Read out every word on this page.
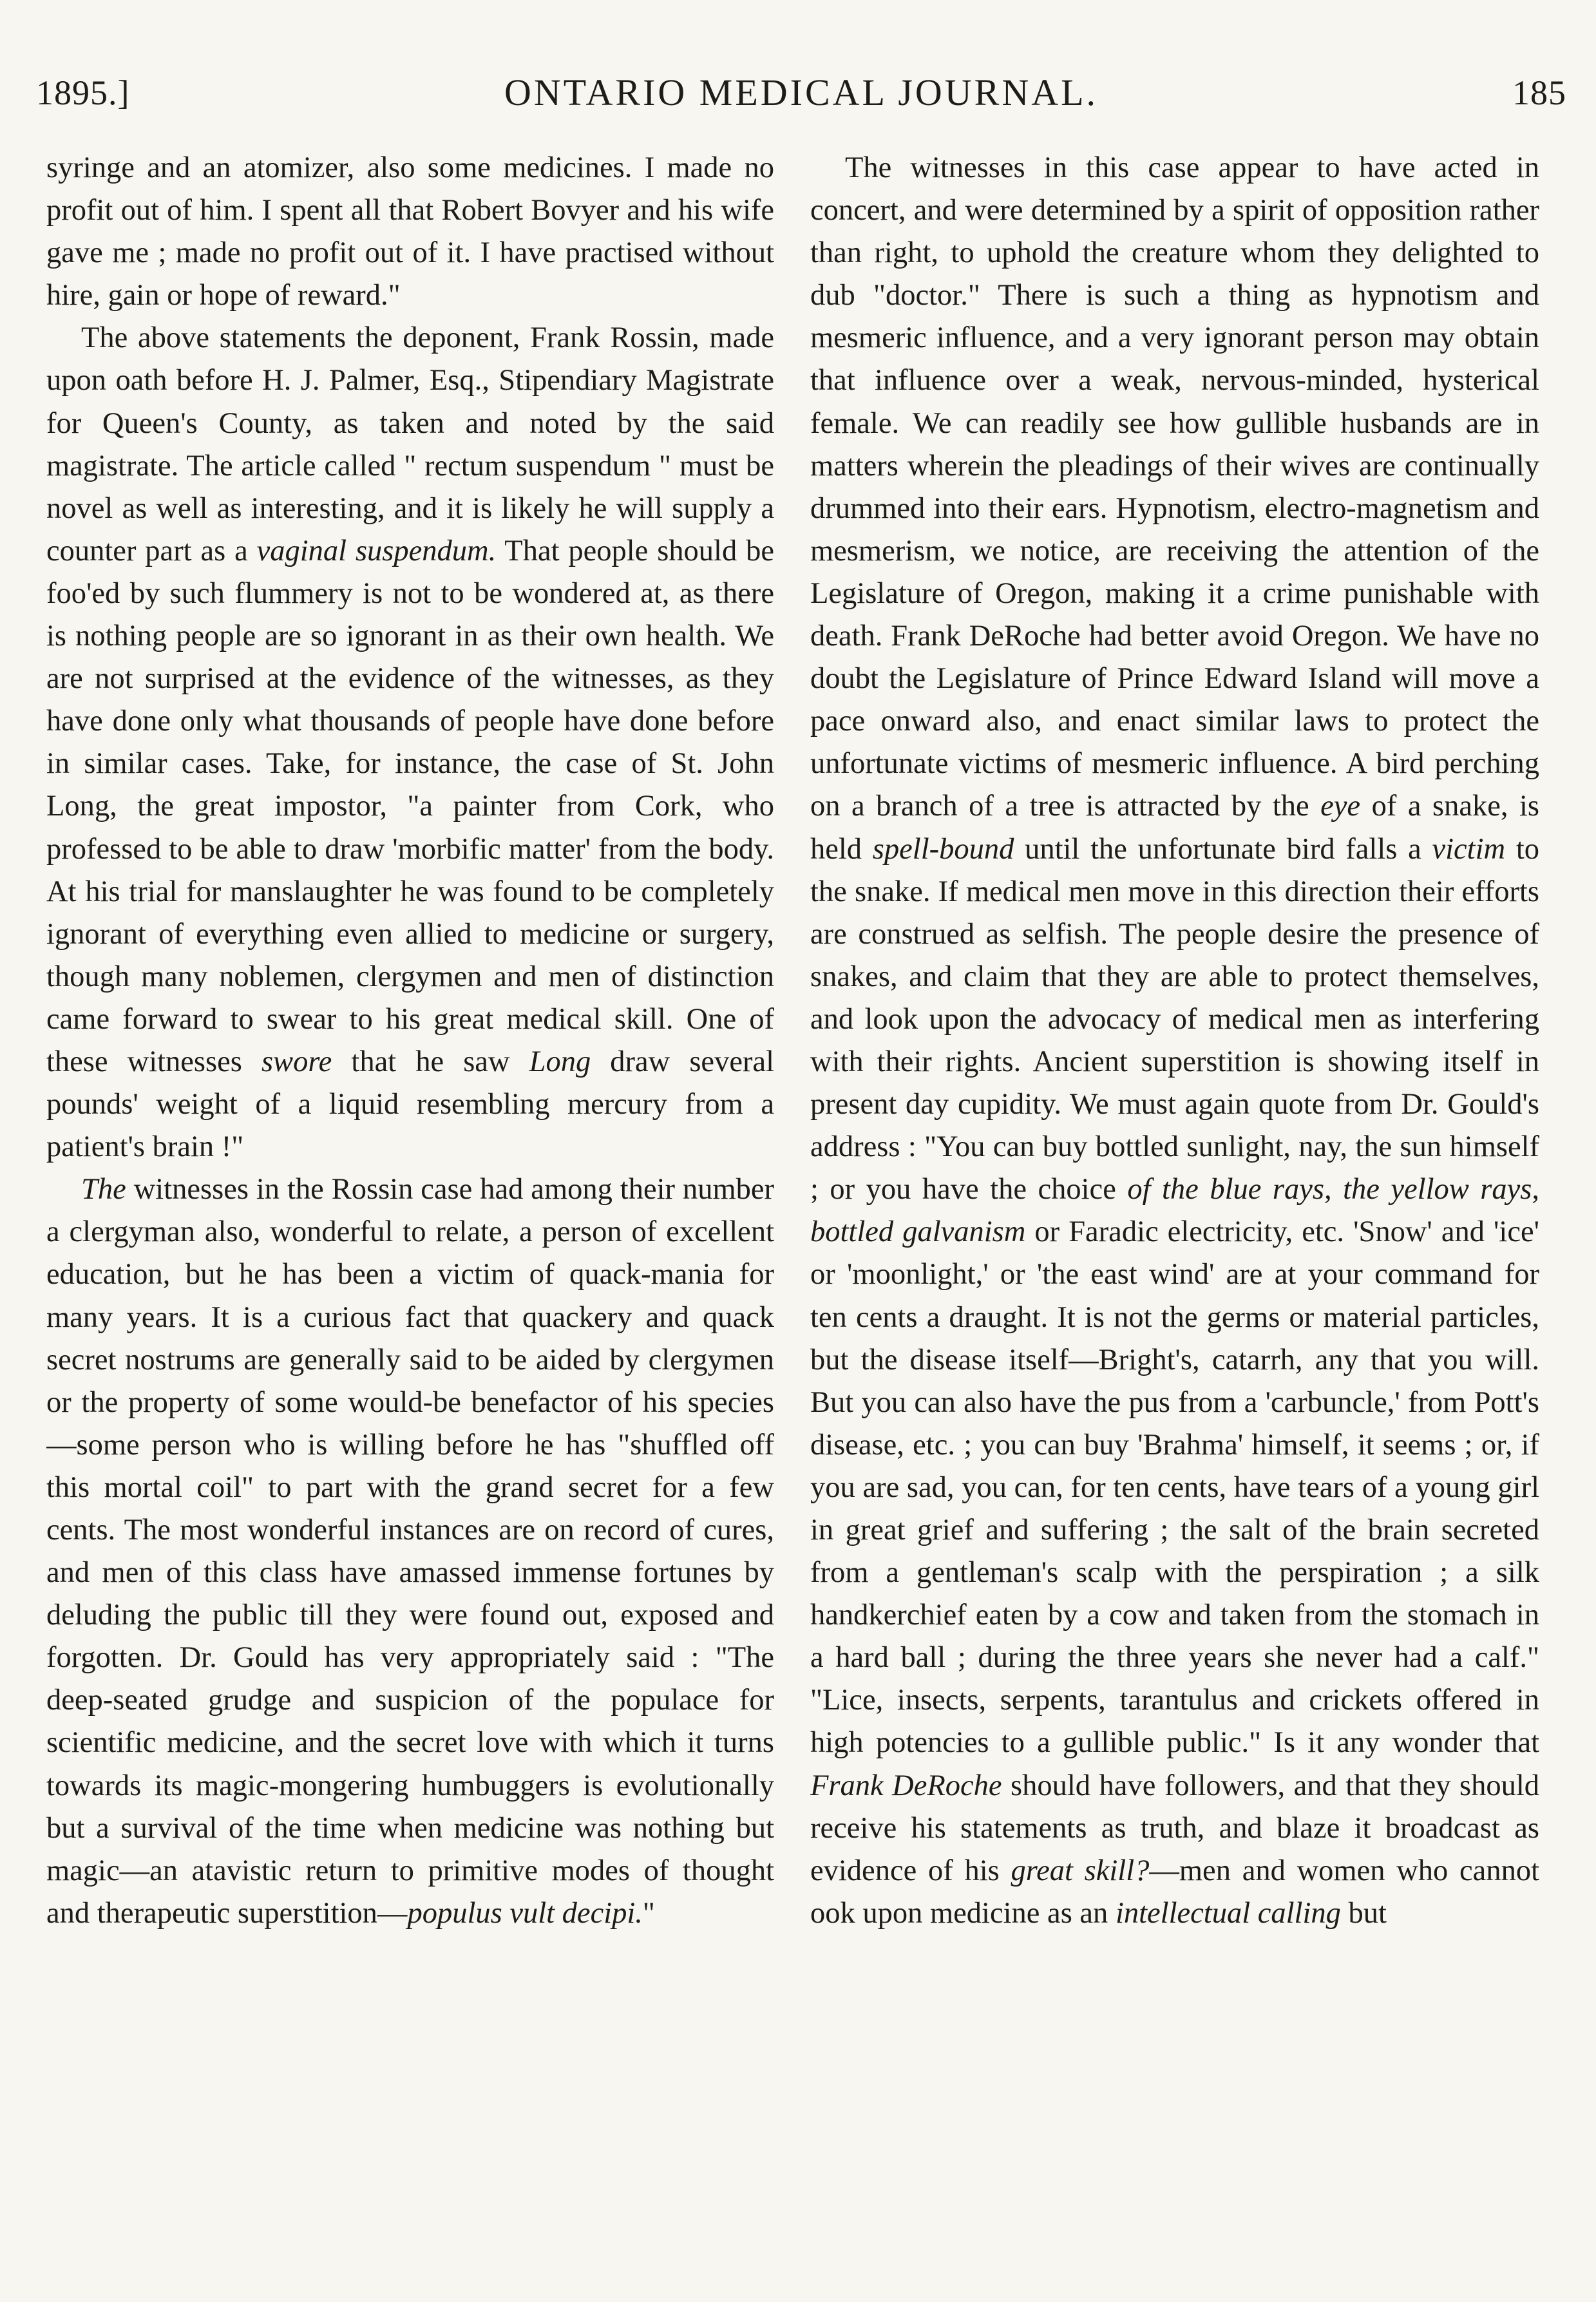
1895.]	ONTARIO MEDICAL JOURNAL.	185

syringe and an atomizer, also some medicines. I made no profit out of him. I spent all that Robert Bovyer and his wife gave me ; made no profit out of it. I have practised without hire, gain or hope of reward."

The above statements the deponent, Frank Rossin, made upon oath before H. J. Palmer, Esq., Stipendiary Magistrate for Queen's County, as taken and noted by the said magistrate. The article called " rectum suspendum " must be novel as well as interesting, and it is likely he will supply a counter part as a vaginal suspendum. That people should be foo'ed by such flummery is not to be wondered at, as there is nothing people are so ignorant in as their own health. We are not surprised at the evidence of the witnesses, as they have done only what thousands of people have done before in similar cases. Take, for instance, the case of St. John Long, the great impostor, "a painter from Cork, who professed to be able to draw 'morbific matter' from the body. At his trial for manslaughter he was found to be completely ignorant of everything even allied to medicine or surgery, though many noblemen, clergymen and men of distinction came forward to swear to his great medical skill. One of these witnesses swore that he saw Long draw several pounds' weight of a liquid resembling mercury from a patient's brain !"

The witnesses in the Rossin case had among their number a clergyman also, wonderful to relate, a person of excellent education, but he has been a victim of quack-mania for many years. It is a curious fact that quackery and quack secret nostrums are generally said to be aided by clergymen or the property of some would-be benefactor of his species—some person who is willing before he has "shuffled off this mortal coil" to part with the grand secret for a few cents. The most wonderful instances are on record of cures, and men of this class have amassed immense fortunes by deluding the public till they were found out, exposed and forgotten. Dr. Gould has very appropriately said : "The deep-seated grudge and suspicion of the populace for scientific medicine, and the secret love with which it turns towards its magic-mongering humbuggers is evolutionally but a survival of the time when medicine was nothing but magic—an atavistic return to primitive modes of thought and therapeutic superstition—populus vult decipi."

The witnesses in this case appear to have acted in concert, and were determined by a spirit of opposition rather than right, to uphold the creature whom they delighted to dub "doctor." There is such a thing as hypnotism and mesmeric influence, and a very ignorant person may obtain that influence over a weak, nervous-minded, hysterical female. We can readily see how gullible husbands are in matters wherein the pleadings of their wives are continually drummed into their ears. Hypnotism, electro-magnetism and mesmerism, we notice, are receiving the attention of the Legislature of Oregon, making it a crime punishable with death. Frank DeRoche had better avoid Oregon. We have no doubt the Legislature of Prince Edward Island will move a pace onward also, and enact similar laws to protect the unfortunate victims of mesmeric influence. A bird perching on a branch of a tree is attracted by the eye of a snake, is held spell-bound until the unfortunate bird falls a victim to the snake. If medical men move in this direction their efforts are construed as selfish. The people desire the presence of snakes, and claim that they are able to protect themselves, and look upon the advocacy of medical men as interfering with their rights. Ancient superstition is showing itself in present day cupidity. We must again quote from Dr. Gould's address : "You can buy bottled sunlight, nay, the sun himself ; or you have the choice of the blue rays, the yellow rays, bottled galvanism or Faradic electricity, etc. 'Snow' and 'ice' or 'moonlight,' or 'the east wind' are at your command for ten cents a draught. It is not the germs or material particles, but the disease itself—Bright's, catarrh, any that you will. But you can also have the pus from a 'carbuncle,' from Pott's disease, etc. ; you can buy 'Brahma' himself, it seems ; or, if you are sad, you can, for ten cents, have tears of a young girl in great grief and suffering ; the salt of the brain secreted from a gentleman's scalp with the perspiration ; a silk handkerchief eaten by a cow and taken from the stomach in a hard ball ; during the three years she never had a calf." "Lice, insects, serpents, tarantulus and crickets offered in high potencies to a gullible public." Is it any wonder that Frank DeRoche should have followers, and that they should receive his statements as truth, and blaze it broadcast as evidence of his great skill?—men and women who cannot ook upon medicine as an intellectual calling but
